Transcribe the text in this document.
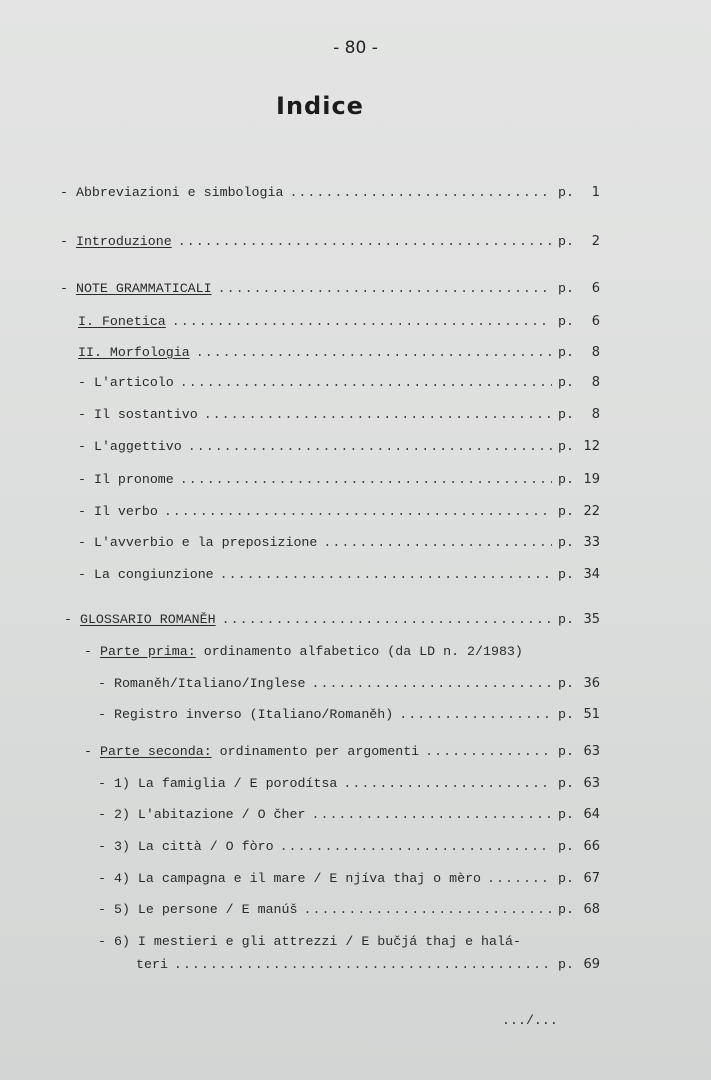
- 80 -
Indice
- Abbreviazioni e simbologia .....	p.	1
- Introduzione .....	p.	2
- NOTE GRAMMATICALI .....	p.	6
I. Fonetica .....	p.	6
II. Morfologia .....	p.	8
- L'articolo .....	p.	8
- Il sostantivo .....	p.	8
- L'aggettivo .....	p. 12
- Il pronome .....	p. 19
- Il verbo .....	p. 22
- L'avverbio e la preposizione .....	p. 33
- La congiunzione .....	p. 34
- GLOSSARIO ROMANĚH .....	p. 35
- Parte prima: ordinamento alfabetico (da LD n. 2/1983)
- Romaněh/Italiano/Inglese .....	p. 36
- Registro inverso (Italiano/Romaněh) .....	p. 51
- Parte seconda: ordinamento per argomenti .....	p. 63
- 1) La famiglia / E porodítsa .....	p. 63
- 2) L'abitazione / O čher .....	p. 64
- 3) La città / O fòro .....	p. 66
- 4) La campagna e il mare / E njíva thaj o mèro .....	p. 67
- 5) Le persone / E manúš .....	p. 68
- 6) I mestieri e gli attrezzi / E bučjá thaj e halá-
teri .....	p. 69
.../...
